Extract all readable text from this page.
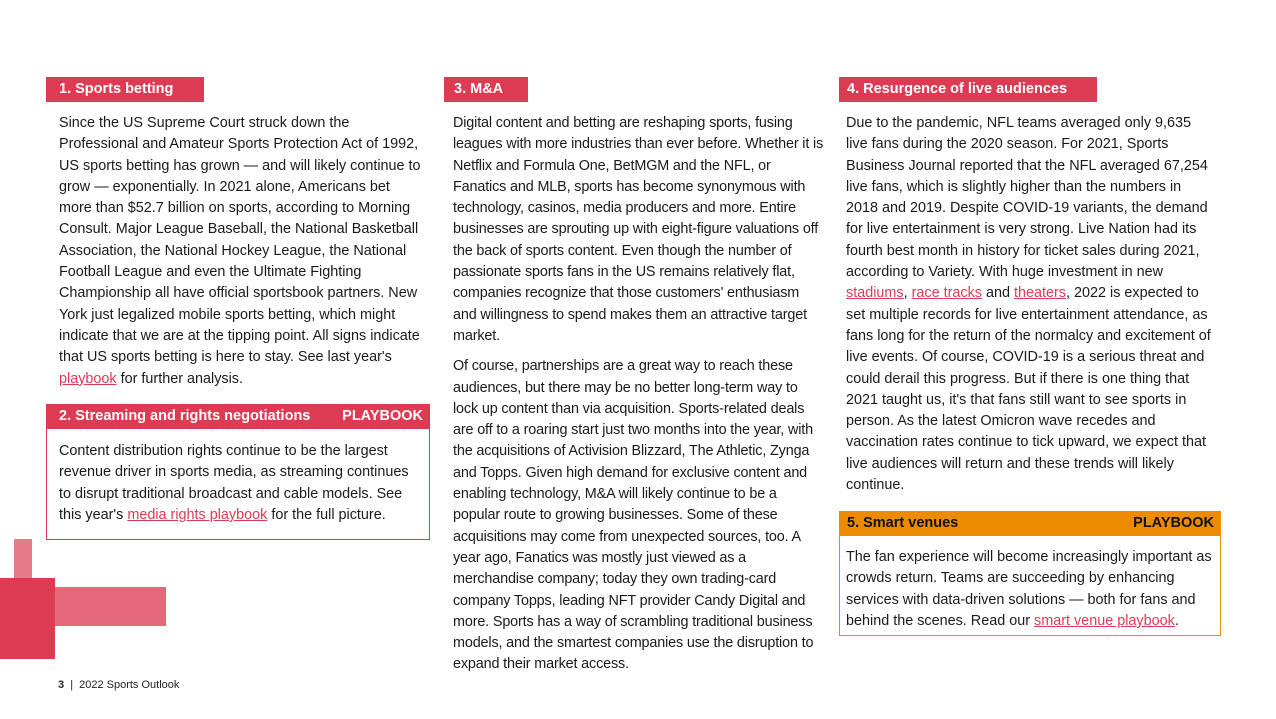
1. Sports betting

Since the US Supreme Court struck down the Professional and Amateur Sports Protection Act of 1992, US sports betting has grown — and will likely continue to grow — exponentially. In 2021 alone, Americans bet more than $52.7 billion on sports, according to Morning Consult. Major League Baseball, the National Basketball Association, the National Hockey League, the National Football League and even the Ultimate Fighting Championship all have official sportsbook partners. New York just legalized mobile sports betting, which might indicate that we are at the tipping point. All signs indicate that US sports betting is here to stay. See last year's playbook for further analysis.

2. Streaming and rights negotiations PLAYBOOK

Content distribution rights continue to be the largest revenue driver in sports media, as streaming continues to disrupt traditional broadcast and cable models. See this year's media rights playbook for the full picture.

3. M&A

Digital content and betting are reshaping sports, fusing leagues with more industries than ever before. Whether it is Netflix and Formula One, BetMGM and the NFL, or Fanatics and MLB, sports has become synonymous with technology, casinos, media producers and more. Entire businesses are sprouting up with eight-figure valuations off the back of sports content. Even though the number of passionate sports fans in the US remains relatively flat, companies recognize that those customers' enthusiasm and willingness to spend makes them an attractive target market.

Of course, partnerships are a great way to reach these audiences, but there may be no better long-term way to lock up content than via acquisition. Sports-related deals are off to a roaring start just two months into the year, with the acquisitions of Activision Blizzard, The Athletic, Zynga and Topps. Given high demand for exclusive content and enabling technology, M&A will likely continue to be a popular route to growing businesses. Some of these acquisitions may come from unexpected sources, too. A year ago, Fanatics was mostly just viewed as a merchandise company; today they own trading-card company Topps, leading NFT provider Candy Digital and more. Sports has a way of scrambling traditional business models, and the smartest companies use the disruption to expand their market access.

4. Resurgence of live audiences

Due to the pandemic, NFL teams averaged only 9,635 live fans during the 2020 season. For 2021, Sports Business Journal reported that the NFL averaged 67,254 live fans, which is slightly higher than the numbers in 2018 and 2019. Despite COVID-19 variants, the demand for live entertainment is very strong. Live Nation had its fourth best month in history for ticket sales during 2021, according to Variety. With huge investment in new stadiums, race tracks and theaters, 2022 is expected to set multiple records for live entertainment attendance, as fans long for the return of the normalcy and excitement of live events. Of course, COVID-19 is a serious threat and could derail this progress. But if there is one thing that 2021 taught us, it's that fans still want to see sports in person. As the latest Omicron wave recedes and vaccination rates continue to tick upward, we expect that live audiences will return and these trends will likely continue.

5. Smart venues	PLAYBOOK

The fan experience will become increasingly important as crowds return. Teams are succeeding by enhancing services with data-driven solutions — both for fans and behind the scenes. Read our smart venue playbook.

3 | 2022 Sports Outlook
